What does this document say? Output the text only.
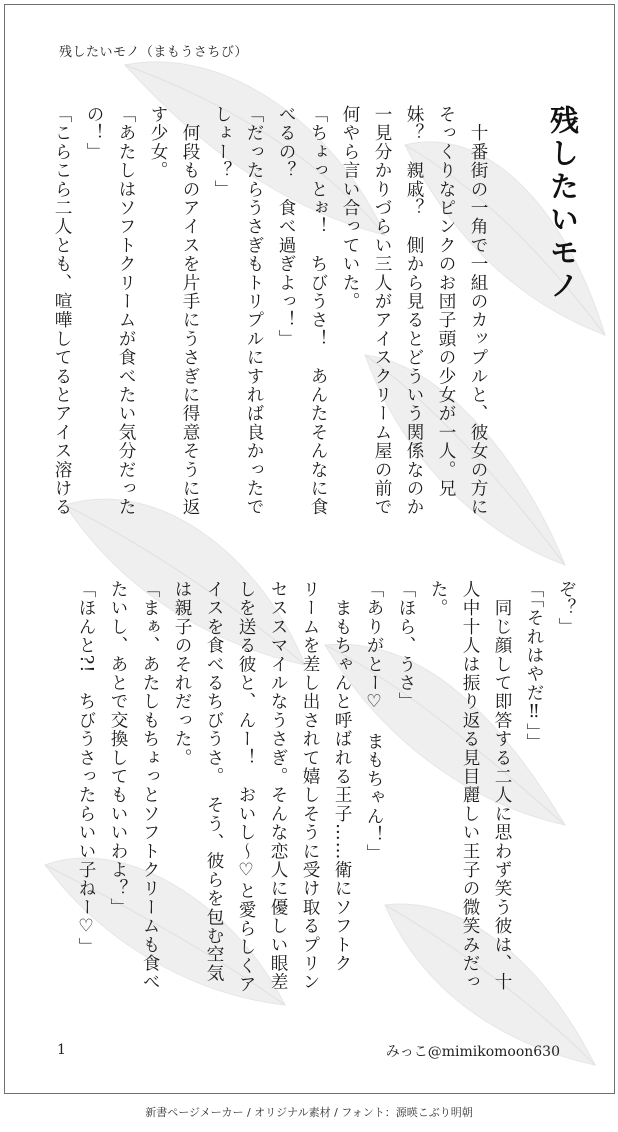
残したいモノ（まもうさちび）
残したいモノ
　十番街の一角で一組のカップルと、彼女の方に
そっくりなピンクのお団子頭の少女が一人。兄
妹？　親戚？　側から見るとどういう関係なのか
一見分かりづらい三人がアイスクリーム屋の前で
何やら言い合っていた。
「ちょっとぉ！　ちびうさ！　あんたそんなに食
べるの？　食べ過ぎよっ！」
「だったらうさぎもトリプルにすれば良かったで
しょー？」
　何段ものアイスを片手にうさぎに得意そうに返
す少女。
「あたしはソフトクリームが食べたい気分だった
の！」
「こらこら二人とも、喧嘩してるとアイス溶ける
ぞ？」
「「それはやだ‼」」
　同じ顔して即答する二人に思わず笑う彼は、十
人中十人は振り返る見目麗しい王子の微笑みだっ
た。
「ほら、うさ」
「ありがとー♡　まもちゃん！」
　まもちゃんと呼ばれる王子……衛にソフトク
リームを差し出されて嬉しそうに受け取るプリン
セススマイルなうさぎ。そんな恋人に優しい眼差
しを送る彼と、んー！　おいし～♡と愛らしくア
イスを食べるちびうさ。　そう、彼らを包む空気
は親子のそれだった。
「まぁ、あたしもちょっとソフトクリームも食べ
たいし、あとで交換してもいいわよ？」
「ほんと?!　ちびうさったらいい子ねー♡」
1	みっこ@mimikomoon630
新書ページメーカー / オリジナル素材 / フォント：源暎こぶり明朝
